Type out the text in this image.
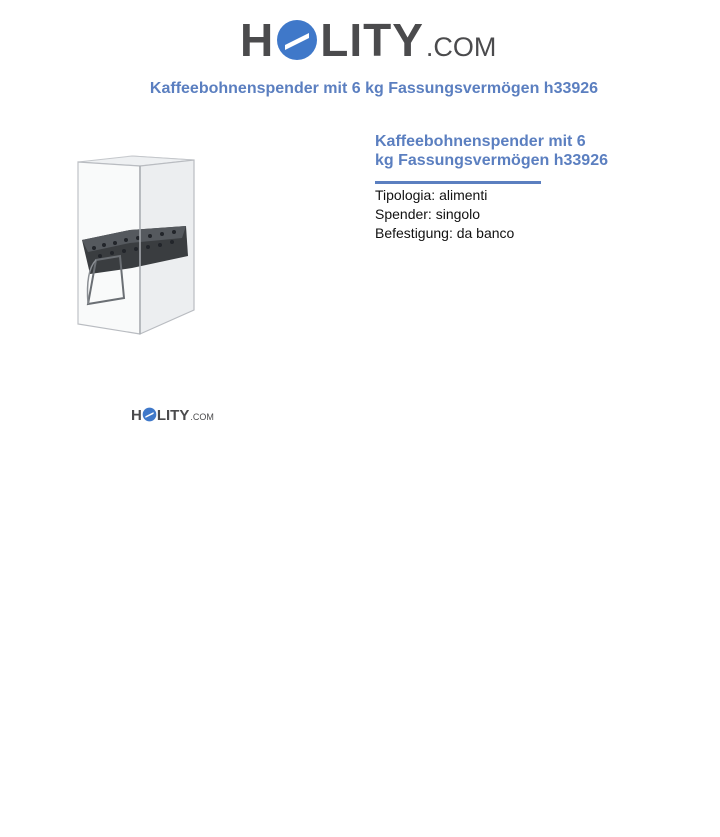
H LITY .COM
Kaffeebohnenspender mit 6 kg Fassungsvermögen h33926
H LITY .COM
Kaffeebohnenspender mit 6
kg Fassungsvermögen h33926
Tipologia: alimenti
Spender: singolo
Befestigung: da banco
